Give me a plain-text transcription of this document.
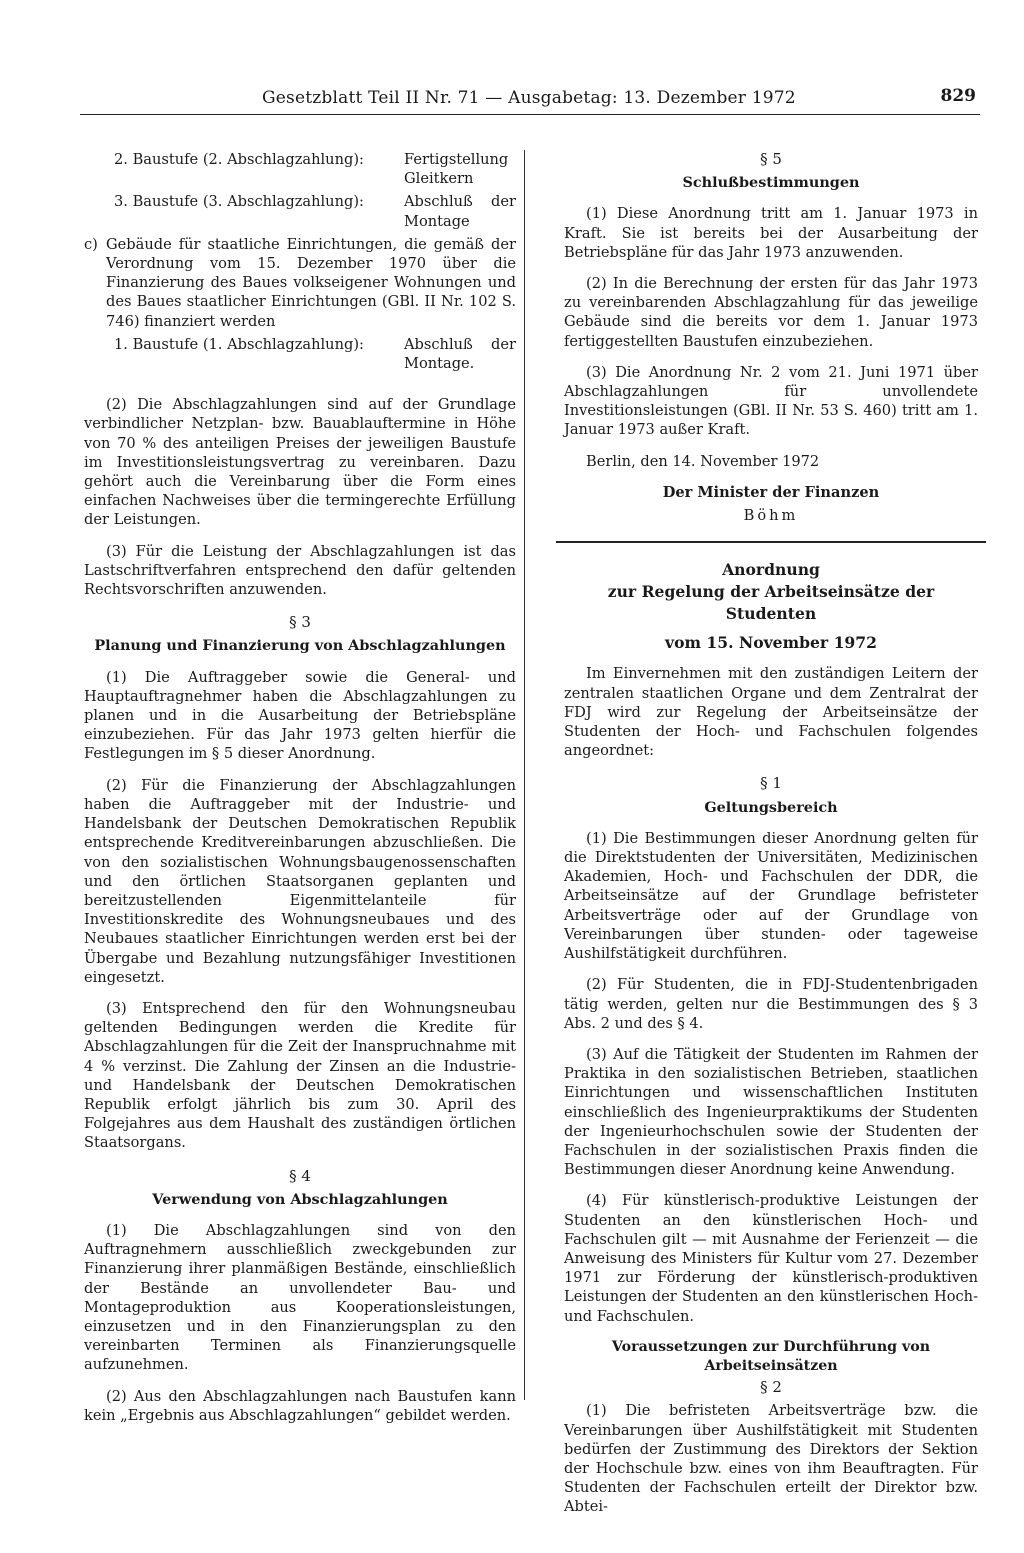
Gesetzblatt Teil II Nr. 71 — Ausgabetag: 13. Dezember 1972	829
2. Baustufe (2. Abschlagzahlung):	Fertigstellung Gleitkern
3. Baustufe (3. Abschlagzahlung):	Abschluß der Montage
c) Gebäude für staatliche Einrichtungen, die gemäß der Verordnung vom 15. Dezember 1970 über die Finanzierung des Baues volkseigener Wohnungen und des Baues staatlicher Einrichtungen (GBl. II Nr. 102 S. 746) finanziert werden
1. Baustufe (1. Abschlagzahlung):	Abschluß der Montage.

(2) Die Abschlagzahlungen sind auf der Grundlage verbindlicher Netzplan- bzw. Bauablauftermine in Höhe von 70 % des anteiligen Preises der jeweiligen Baustufe im Investitionsleistungsvertrag zu vereinbaren. Dazu gehört auch die Vereinbarung über die Form eines einfachen Nachweises über die termingerechte Erfüllung der Leistungen.

(3) Für die Leistung der Abschlagzahlungen ist das Lastschriftverfahren entsprechend den dafür geltenden Rechtsvorschriften anzuwenden.

§ 3
Planung und Finanzierung von Abschlagzahlungen

(1) Die Auftraggeber sowie die General- und Hauptauftragnehmer haben die Abschlagzahlungen zu planen und in die Ausarbeitung der Betriebspläne einzubeziehen. Für das Jahr 1973 gelten hierfür die Festlegungen im § 5 dieser Anordnung.

(2) Für die Finanzierung der Abschlagzahlungen haben die Auftraggeber mit der Industrie- und Handelsbank der Deutschen Demokratischen Republik entsprechende Kreditvereinbarungen abzuschließen. Die von den sozialistischen Wohnungsbaugenossenschaften und den örtlichen Staatsorganen geplanten und bereitzustellenden Eigenmittelanteile für Investitionskredite des Wohnungsneubaues und des Neubaues staatlicher Einrichtungen werden erst bei der Übergabe und Bezahlung nutzungsfähiger Investitionen eingesetzt.

(3) Entsprechend den für den Wohnungsneubau geltenden Bedingungen werden die Kredite für Abschlagzahlungen für die Zeit der Inanspruchnahme mit 4 % verzinst. Die Zahlung der Zinsen an die Industrie- und Handelsbank der Deutschen Demokratischen Republik erfolgt jährlich bis zum 30. April des Folgejahres aus dem Haushalt des zuständigen örtlichen Staatsorgans.

§ 4
Verwendung von Abschlagzahlungen

(1) Die Abschlagzahlungen sind von den Auftragnehmern ausschließlich zweckgebunden zur Finanzierung ihrer planmäßigen Bestände, einschließlich der Bestände an unvollendeter Bau- und Montageproduktion aus Kooperationsleistungen, einzusetzen und in den Finanzierungsplan zu den vereinbarten Terminen als Finanzierungsquelle aufzunehmen.

(2) Aus den Abschlagzahlungen nach Baustufen kann kein „Ergebnis aus Abschlagzahlungen“ gebildet werden.

§ 5
Schlußbestimmungen

(1) Diese Anordnung tritt am 1. Januar 1973 in Kraft. Sie ist bereits bei der Ausarbeitung der Betriebspläne für das Jahr 1973 anzuwenden.

(2) In die Berechnung der ersten für das Jahr 1973 zu vereinbarenden Abschlagzahlung für das jeweilige Gebäude sind die bereits vor dem 1. Januar 1973 fertiggestellten Baustufen einzubeziehen.

(3) Die Anordnung Nr. 2 vom 21. Juni 1971 über Abschlagzahlungen für unvollendete Investitionsleistungen (GBl. II Nr. 53 S. 460) tritt am 1. Januar 1973 außer Kraft.

Berlin, den 14. November 1972

Der Minister der Finanzen
Böhm
Anordnung
zur Regelung der Arbeitseinsätze der Studenten
vom 15. November 1972

Im Einvernehmen mit den zuständigen Leitern der zentralen staatlichen Organe und dem Zentralrat der FDJ wird zur Regelung der Arbeitseinsätze der Studenten der Hoch- und Fachschulen folgendes angeordnet:

§ 1
Geltungsbereich

(1) Die Bestimmungen dieser Anordnung gelten für die Direktstudenten der Universitäten, Medizinischen Akademien, Hoch- und Fachschulen der DDR, die Arbeitseinsätze auf der Grundlage befristeter Arbeitsverträge oder auf der Grundlage von Vereinbarungen über stunden- oder tageweise Aushilfstätigkeit durchführen.

(2) Für Studenten, die in FDJ-Studentenbrigaden tätig werden, gelten nur die Bestimmungen des § 3 Abs. 2 und des § 4.

(3) Auf die Tätigkeit der Studenten im Rahmen der Praktika in den sozialistischen Betrieben, staatlichen Einrichtungen und wissenschaftlichen Instituten einschließlich des Ingenieurpraktikums der Studenten der Ingenieurhochschulen sowie der Studenten der Fachschulen in der sozialistischen Praxis finden die Bestimmungen dieser Anordnung keine Anwendung.

(4) Für künstlerisch-produktive Leistungen der Studenten an den künstlerischen Hoch- und Fachschulen gilt — mit Ausnahme der Ferienzeit — die Anweisung des Ministers für Kultur vom 27. Dezember 1971 zur Förderung der künstlerisch-produktiven Leistungen der Studenten an den künstlerischen Hoch- und Fachschulen.

Voraussetzungen zur Durchführung von Arbeitseinsätzen
§ 2

(1) Die befristeten Arbeitsverträge bzw. die Vereinbarungen über Aushilfstätigkeit mit Studenten bedürfen der Zustimmung des Direktors der Sektion der Hochschule bzw. eines von ihm Beauftragten. Für Studenten der Fachschulen erteilt der Direktor bzw. Abtei-
